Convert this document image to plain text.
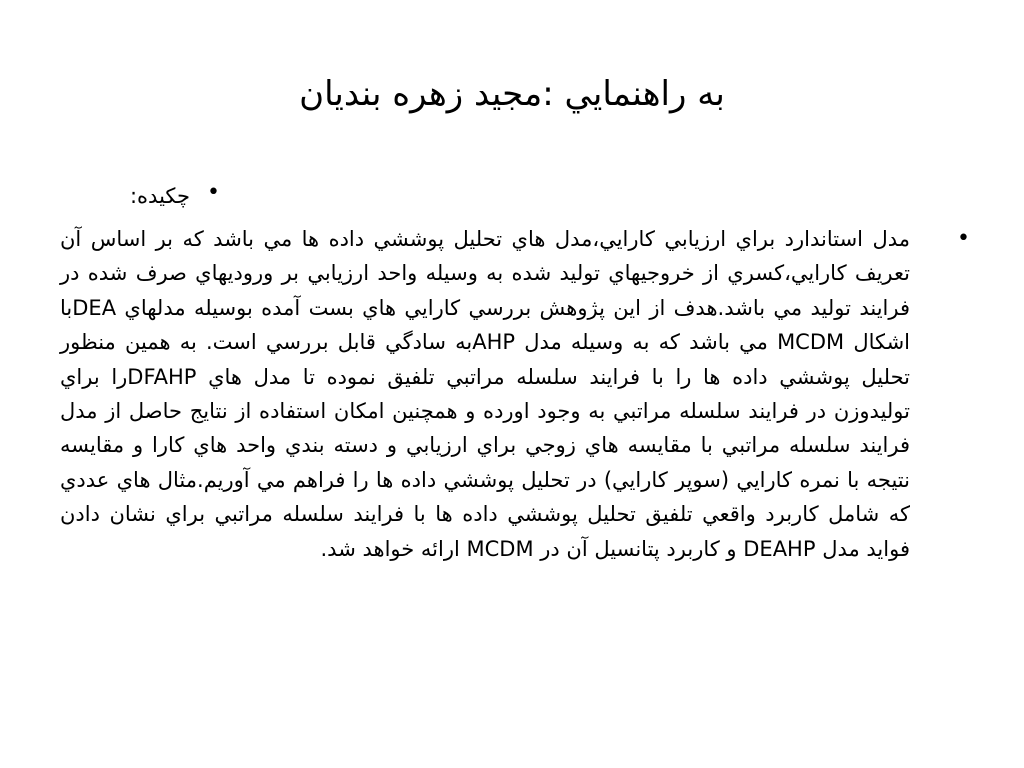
به راهنمايي :مجيد زهره بنديان
•
چكيده:
•
مدل استاندارد براي ارزيابي كارايي،مدل هاي تحليل پوششي داده ها مي باشد كه بر اساس آن تعريف كارايي،كسري از خروجيهاي توليد شده به وسيله واحد ارزيابي بر وروديهاي صرف شده در فرايند توليد مي باشد.هدف از اين پژوهش بررسي كارايي هاي بست آمده بوسيله مدلهاي DEAبا اشكال MCDM مي باشد كه به وسيله مدل AHPبه سادگي قابل بررسي است. به همين منظور تحليل پوششي داده ها را با فرايند سلسله مراتبي تلفيق نموده تا مدل هاي DFAHPرا براي توليدوزن در فرايند سلسله مراتبي به وجود اورده و همچنين امكان استفاده از نتايج حاصل از مدل فرايند سلسله مراتبي با مقايسه هاي زوجي براي ارزيابي و دسته بندي واحد هاي كارا و مقايسه نتيجه با نمره كارايي (سوپر كارايي) در تحليل پوششي داده ها را فراهم مي آوريم.مثال هاي عددي كه شامل كاربرد واقعي تلفيق تحليل پوششي داده ها با فرايند سلسله مراتبي براي نشان دادن فوايد مدل DEAHP و كاربرد پتانسيل آن در MCDM ارائه خواهد شد.
